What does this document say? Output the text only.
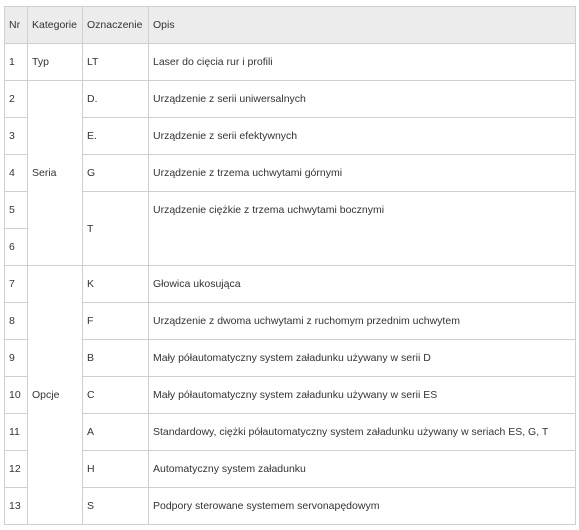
Nr	Kategorie	Oznaczenie	Opis
1	Typ	LT	Laser do cięcia rur i profili
2	Seria	D.	Urządzenie z serii uniwersalnych
3		E.	Urządzenie z serii efektywnych
4		G	Urządzenie z trzema uchwytami górnymi
5		T	Urządzenie ciężkie z trzema uchwytami bocznymi
6			
7	Opcje	K	Głowica ukosująca
8		F	Urządzenie z dwoma uchwytami z ruchomym przednim uchwytem
9		B	Mały półautomatyczny system załadunku używany w serii D
10		C	Mały półautomatyczny system załadunku używany w serii ES
11		A	Standardowy, ciężki półautomatyczny system załadunku używany w seriach ES, G, T
12		H	Automatyczny system załadunku
13		S	Podpory sterowane systemem servonapędowym
